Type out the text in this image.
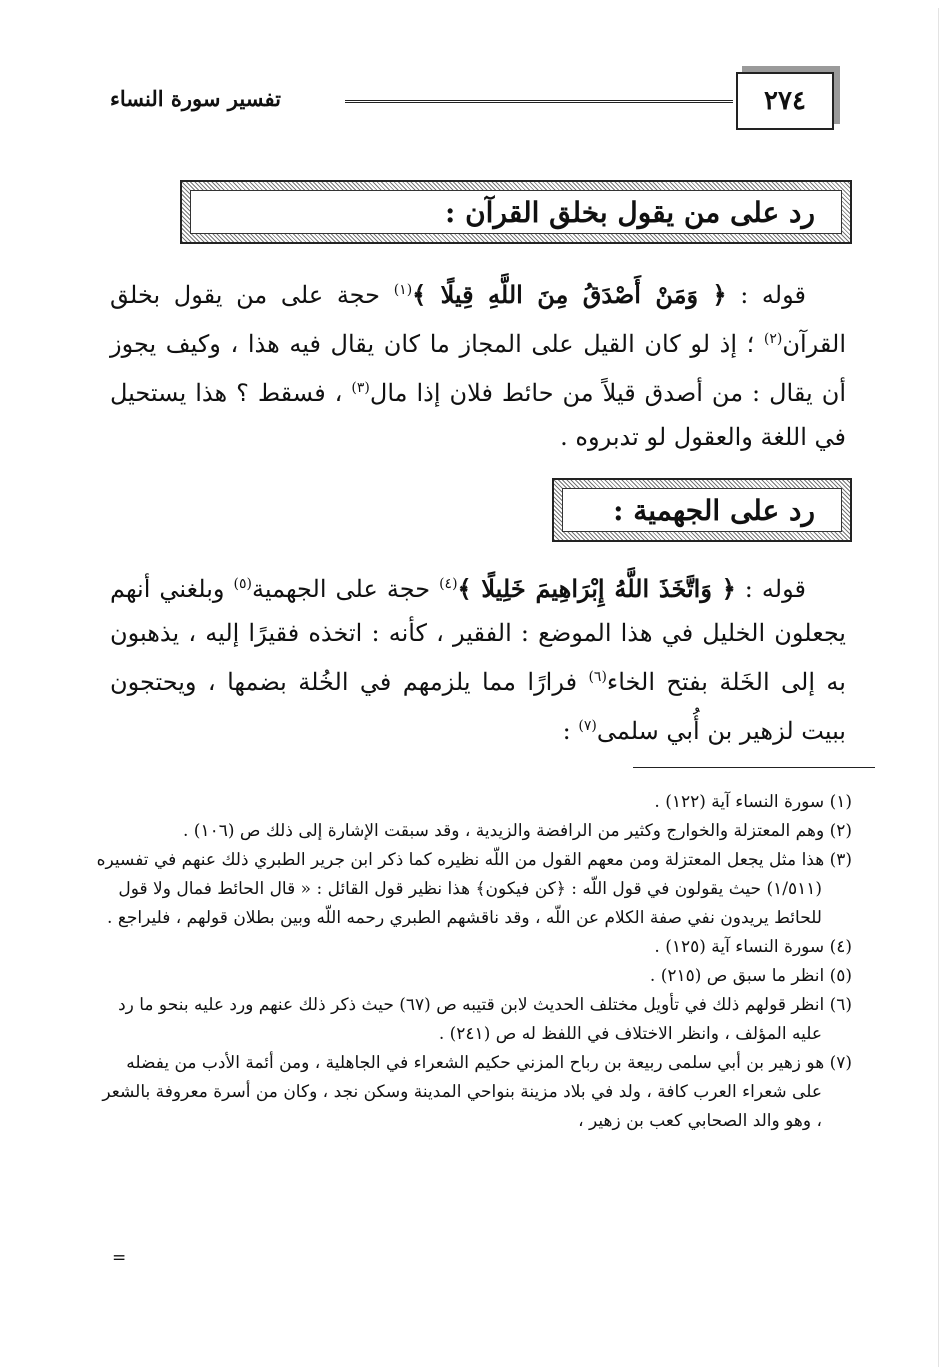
٢٧٤
تفسير سورة النساء
رد على من يقول بخلق القرآن :
قوله : ﴿ وَمَنْ أَصْدَقُ مِنَ اللَّهِ قِيلًا ﴾$^{(١)}$ حجة على من يقول بخلق القرآن$^{(٢)}$ ؛ إذ لو كان القيل على المجاز ما كان يقال فيه هذا ، وكيف يجوز أن يقال : من أصدق قيلاً من حائط فلان إذا مال$^{(٣)}$ ، فسقط ؟ هذا يستحيل في اللغة والعقول لو تدبروه .
رد على الجهمية :
قوله : ﴿ وَاتَّخَذَ اللَّهُ إِبْرَاهِيمَ خَلِيلًا ﴾$^{(٤)}$ حجة على الجهمية$^{(٥)}$ وبلغني أنهم يجعلون الخليل في هذا الموضع : الفقير ، كأنه : اتخذه فقيرًا إليه ، يذهبون به إلى الخَلة بفتح الخاء$^{(٦)}$ فرارًا مما يلزمهم في الخُلة بضمها ، ويحتجون ببيت لزهير بن أُبي سلمى$^{(٧)}$ :

(١) سورة النساء آية (١٢٢) .

(٢) وهم المعتزلة والخوارج وكثير من الرافضة والزيدية ، وقد سبقت الإشارة إلى ذلك ص (١٠٦) .

(٣) هذا مثل يجعل المعتزلة ومن معهم القول من اللّه نظيره كما ذكر ابن جرير الطبري ذلك عنهم في تفسيره (١/٥١١) حيث يقولون في قول اللّه : ﴿كن فيكون﴾ هذا نظير قول القائل : « قال الحائط فمال ولا قول للحائط يريدون نفي صفة الكلام عن اللّه ، وقد ناقشهم الطبري رحمه اللّه وبين بطلان قولهم ، فليراجع .

(٤) سورة النساء آية (١٢٥) .

(٥) انظر ما سبق ص (٢١٥) .

(٦) انظر قولهم ذلك في تأويل مختلف الحديث لابن قتيبه ص (٦٧) حيث ذكر ذلك عنهم ورد عليه بنحو ما رد عليه المؤلف ، وانظر الاختلاف في اللفظ له ص (٢٤١) .

(٧) هو زهير بن أبي سلمى ربيعة بن رباح المزني حكيم الشعراء في الجاهلية ، ومن أئمة الأدب من يفضله على شعراء العرب كافة ، ولد في بلاد مزينة بنواحي المدينة وسكن نجد ، وكان من أسرة معروفة بالشعر ، وهو والد الصحابي كعب بن زهير ،

=
